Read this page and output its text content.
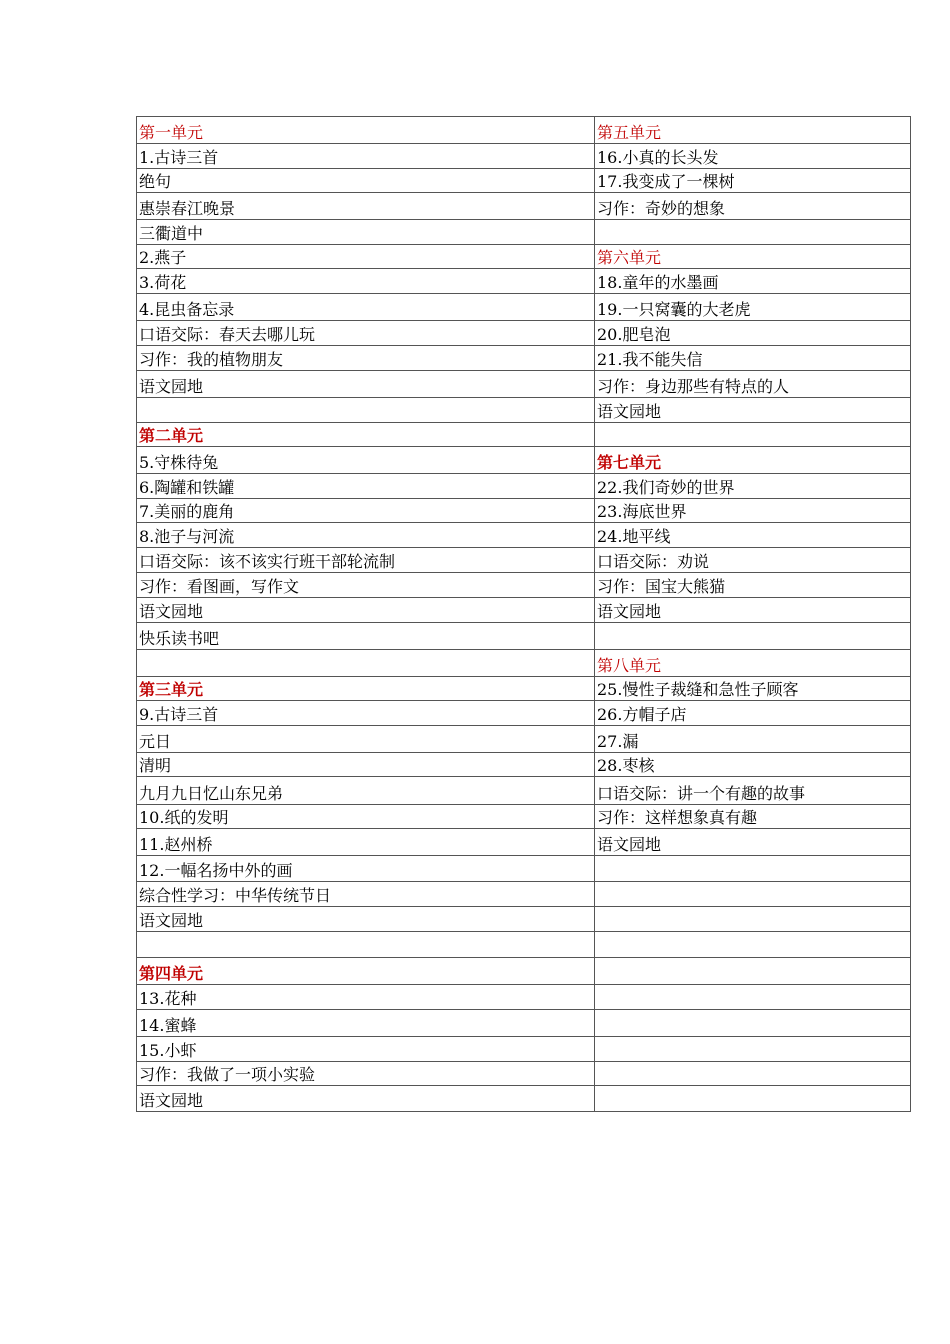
第一单元	第五单元
1.古诗三首	16.小真的长头发
绝句	17.我变成了一棵树
惠崇春江晚景	习作：奇妙的想象
三衢道中	
2.燕子	第六单元
3.荷花	18.童年的水墨画
4.昆虫备忘录	19.一只窝囊的大老虎
口语交际：春天去哪儿玩	20.肥皂泡
习作：我的植物朋友	21.我不能失信
语文园地	习作：身边那些有特点的人
	语文园地
第二单元	
5.守株待兔	第七单元
6.陶罐和铁罐	22.我们奇妙的世界
7.美丽的鹿角	23.海底世界
8.池子与河流	24.地平线
口语交际：该不该实行班干部轮流制	口语交际：劝说
习作：看图画，写作文	习作：国宝大熊猫
语文园地	语文园地
快乐读书吧	
	第八单元
第三单元	25.慢性子裁缝和急性子顾客
9.古诗三首	26.方帽子店
元日	27.漏
清明	28.枣核
九月九日忆山东兄弟	口语交际：讲一个有趣的故事
10.纸的发明	习作：这样想象真有趣
11.赵州桥	语文园地
12.一幅名扬中外的画	
综合性学习：中华传统节日	
语文园地	

第四单元	
13.花种	
14.蜜蜂	
15.小虾	
习作：我做了一项小实验	
语文园地	
